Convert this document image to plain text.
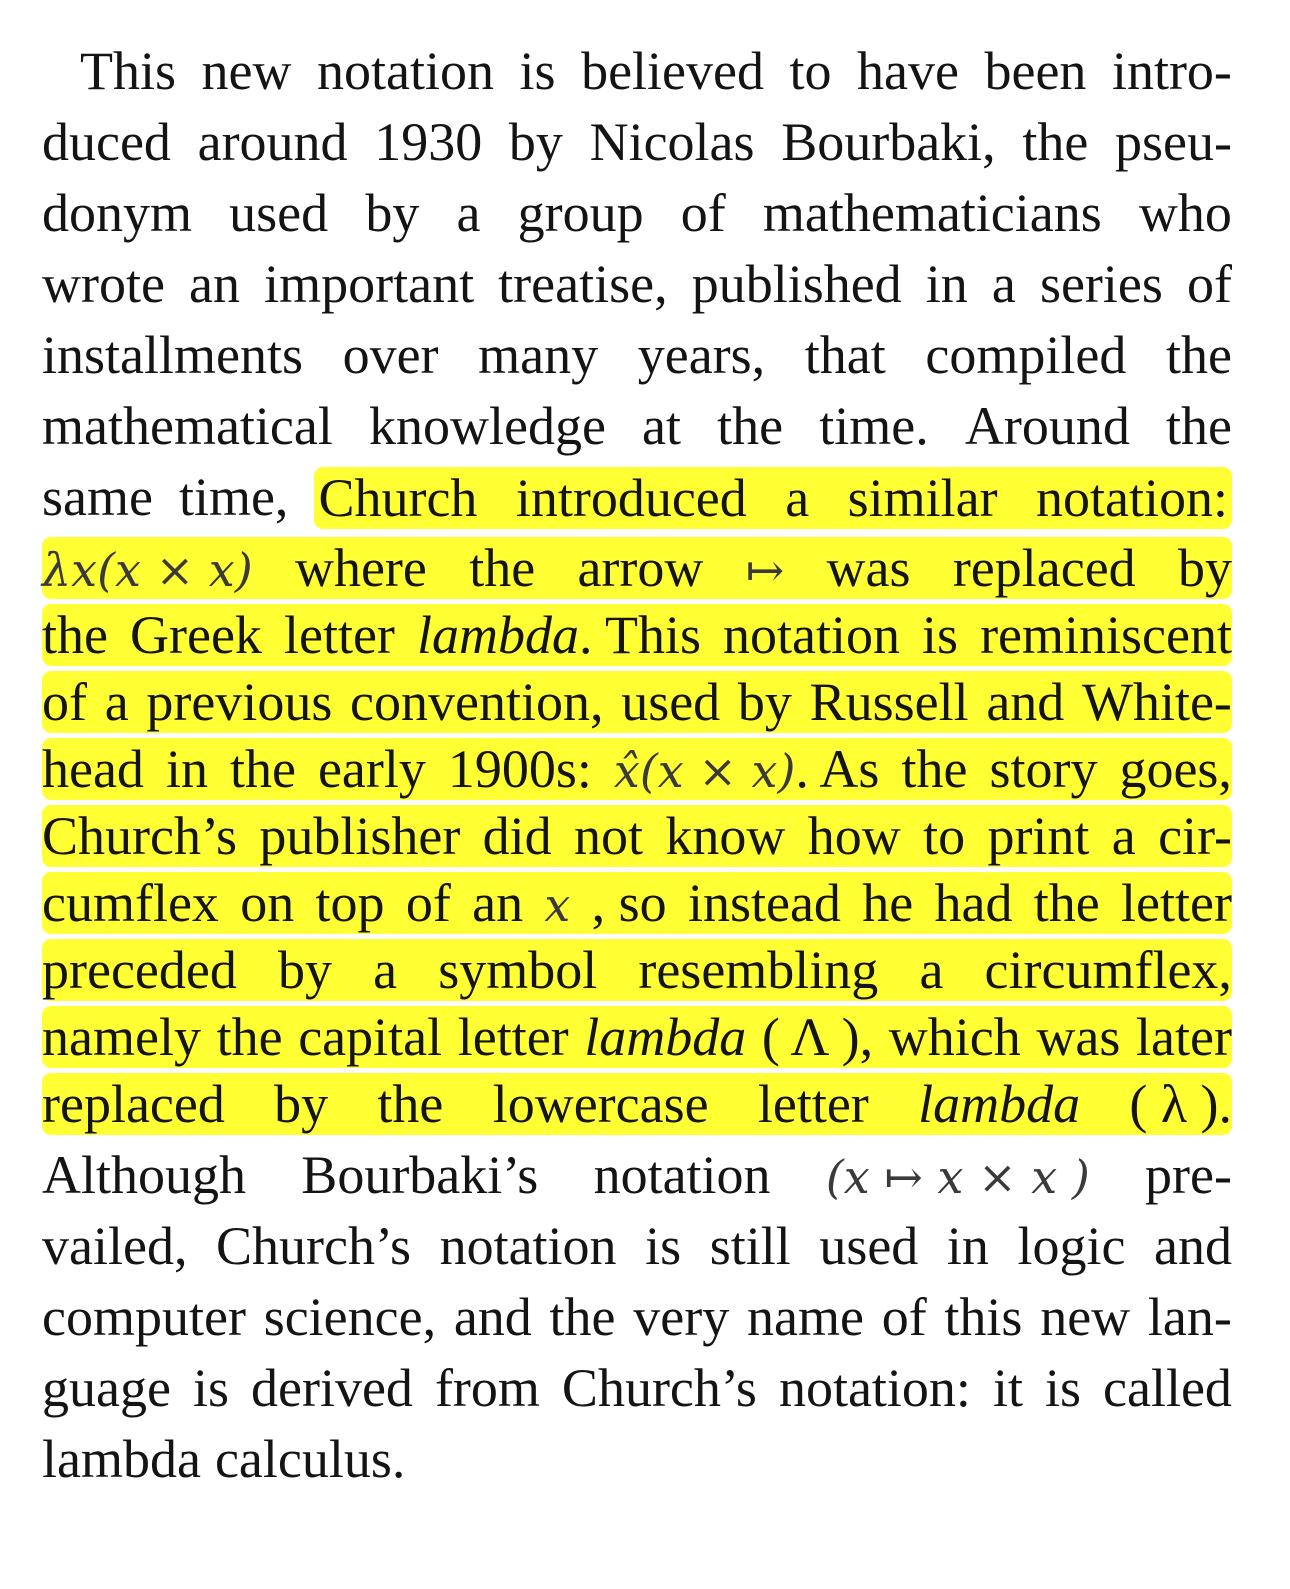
This new notation is believed to have been intro-
duced around 1930 by Nicolas Bourbaki, the pseu-
donym used by a group of mathematicians who
wrote an important treatise, published in a series of
installments over many years, that compiled the
mathematical knowledge at the time. Around the
same time, Church introduced a similar notation:
λx(x × x) where the arrow ↦ was replaced by
the Greek letter lambda. This notation is reminiscent
of a previous convention, used by Russell and White-
head in the early 1900s: x̂(x × x). As the story goes,
Church’s publisher did not know how to print a cir-
cumflex on top of an x , so instead he had the letter
preceded by a symbol resembling a circumflex,
namely the capital letter lambda ( Λ ), which was later
replaced by the lowercase letter lambda ( λ ).
Although Bourbaki’s notation (x ↦ x × x ) pre-
vailed, Church’s notation is still used in logic and
computer science, and the very name of this new lan-
guage is derived from Church’s notation: it is called
lambda calculus.
